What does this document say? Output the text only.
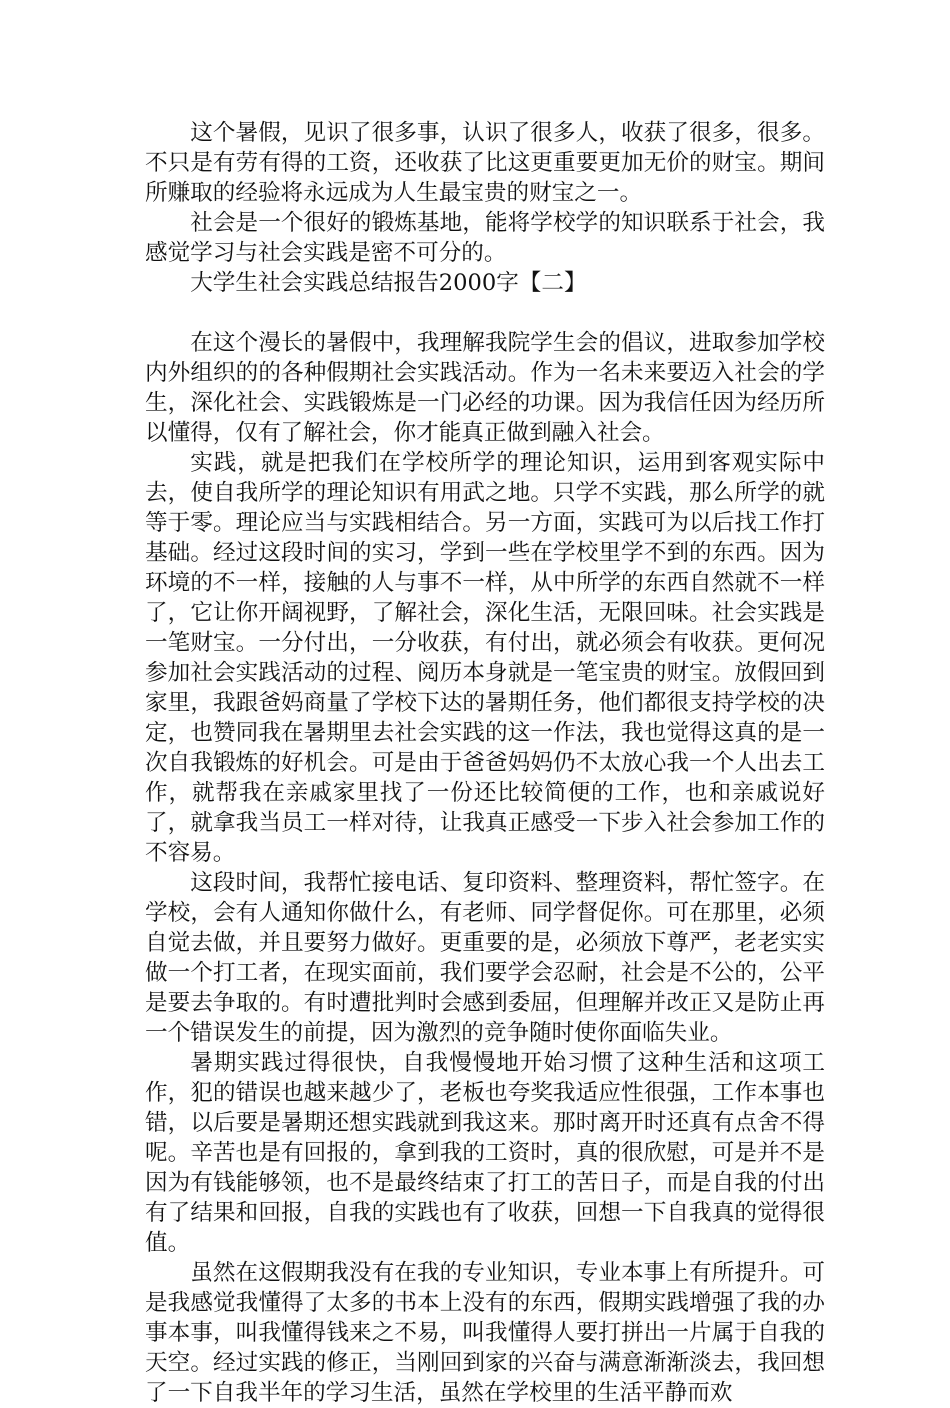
这个暑假，见识了很多事，认识了很多人，收获了很多，很多。不只是有劳有得的工资，还收获了比这更重要更加无价的财宝。期间所赚取的经验将永远成为人生最宝贵的财宝之一。

社会是一个很好的锻炼基地，能将学校学的知识联系于社会，我感觉学习与社会实践是密不可分的。

大学生社会实践总结报告2000字【二】

在这个漫长的暑假中，我理解我院学生会的倡议，进取参加学校内外组织的的各种假期社会实践活动。作为一名未来要迈入社会的学生，深化社会、实践锻炼是一门必经的功课。因为我信任因为经历所以懂得，仅有了解社会，你才能真正做到融入社会。

实践，就是把我们在学校所学的理论知识，运用到客观实际中去，使自我所学的理论知识有用武之地。只学不实践，那么所学的就等于零。理论应当与实践相结合。另一方面，实践可为以后找工作打基础。经过这段时间的实习，学到一些在学校里学不到的东西。因为环境的不一样，接触的人与事不一样，从中所学的东西自然就不一样了，它让你开阔视野，了解社会，深化生活，无限回味。社会实践是一笔财宝。一分付出，一分收获，有付出，就必须会有收获。更何况参加社会实践活动的过程、阅历本身就是一笔宝贵的财宝。放假回到家里，我跟爸妈商量了学校下达的暑期任务，他们都很支持学校的决定，也赞同我在暑期里去社会实践的这一作法，我也觉得这真的是一次自我锻炼的好机会。可是由于爸爸妈妈仍不太放心我一个人出去工作，就帮我在亲戚家里找了一份还比较简便的工作，也和亲戚说好了，就拿我当员工一样对待，让我真正感受一下步入社会参加工作的不容易。

这段时间，我帮忙接电话、复印资料、整理资料，帮忙签字。在学校，会有人通知你做什么，有老师、同学督促你。可在那里，必须自觉去做，并且要努力做好。更重要的是，必须放下尊严，老老实实做一个打工者，在现实面前，我们要学会忍耐，社会是不公的，公平是要去争取的。有时遭批判时会感到委屈，但理解并改正又是防止再一个错误发生的前提，因为激烈的竞争随时使你面临失业。

暑期实践过得很快，自我慢慢地开始习惯了这种生活和这项工作，犯的错误也越来越少了，老板也夸奖我适应性很强，工作本事也错，以后要是暑期还想实践就到我这来。那时离开时还真有点舍不得呢。辛苦也是有回报的，拿到我的工资时，真的很欣慰，可是并不是因为有钱能够领，也不是最终结束了打工的苦日子，而是自我的付出有了结果和回报，自我的实践也有了收获，回想一下自我真的觉得很值。

虽然在这假期我没有在我的专业知识，专业本事上有所提升。可是我感觉我懂得了太多的书本上没有的东西，假期实践增强了我的办事本事，叫我懂得钱来之不易，叫我懂得人要打拼出一片属于自我的天空。经过实践的修正，当刚回到家的兴奋与满意渐渐淡去，我回想了一下自我半年的学习生活，虽然在学校里的生活平静而欢
